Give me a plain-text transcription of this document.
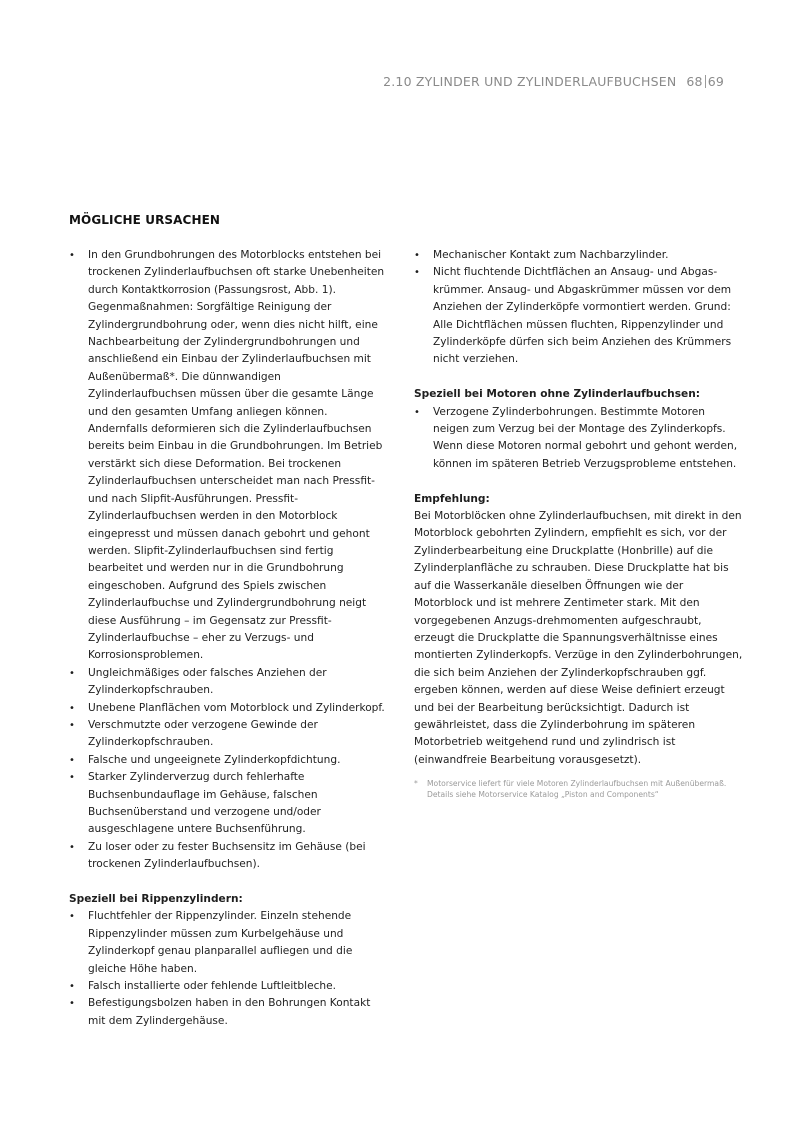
2.10 ZYLINDER UND ZYLINDERLAUFBUCHSEN 68 69
MÖGLICHE URSACHEN
• In den Grundbohrungen des Motorblocks entstehen bei trockenen Zylinderlaufbuchsen oft starke Unebenheiten durch Kontaktkorrosion (Passungsrost, Abb. 1). Gegenmaßnahmen: Sorgfältige Reinigung der Zylindergrundbohrung oder, wenn dies nicht hilft, eine Nachbearbeitung der Zylindergrundbohrungen und anschließend ein Einbau der Zylinderlaufbuchsen mit Außenübermaß*. Die dünnwandigen Zylinderlaufbuchsen müssen über die gesamte Länge und den gesamten Umfang anliegen können. Andernfalls deformieren sich die Zylinderlaufbuchsen bereits beim Einbau in die Grundbohrungen. Im Betrieb verstärkt sich diese Deformation. Bei trockenen Zylinderlaufbuchsen unterscheidet man nach Pressfit- und nach Slipfit-Ausführungen. Pressfit-Zylinderlaufbuchsen werden in den Motorblock eingepresst und müssen danach gebohrt und gehont werden. Slipfit-Zylinderlaufbuchsen sind fertig bearbeitet und werden nur in die Grundbohrung eingeschoben. Aufgrund des Spiels zwischen Zylinderlaufbuchse und Zylindergrundbohrung neigt diese Ausführung – im Gegensatz zur Pressfit-Zylinderlaufbuchse – eher zu Verzugs- und Korrosionsproblemen.
• Ungleichmäßiges oder falsches Anziehen der Zylinderkopfschrauben.
• Unebene Planflächen vom Motorblock und Zylinderkopf.
• Verschmutzte oder verzogene Gewinde der Zylinderkopfschrauben.
• Falsche und ungeeignete Zylinderkopfdichtung.
• Starker Zylinderverzug durch fehlerhafte Buchsenbundauflage im Gehäuse, falschen Buchsenüberstand und verzogene und/oder ausgeschlagene untere Buchsenführung.
• Zu loser oder zu fester Buchsensitz im Gehäuse (bei trockenen Zylinderlaufbuchsen).
Speziell bei Rippenzylindern:
• Fluchtfehler der Rippenzylinder. Einzeln stehende Rippenzylinder müssen zum Kurbelgehäuse und Zylinderkopf genau planparallel aufliegen und die gleiche Höhe haben.
• Falsch installierte oder fehlende Luftleitbleche.
• Befestigungsbolzen haben in den Bohrungen Kontakt mit dem Zylindergehäuse.
• Mechanischer Kontakt zum Nachbarzylinder.
• Nicht fluchtende Dichtflächen an Ansaug- und Abgas-krümmer. Ansaug- und Abgaskrümmer müssen vor dem Anziehen der Zylinderköpfe vormontiert werden. Grund: Alle Dichtflächen müssen fluchten, Rippenzylinder und Zylinderköpfe dürfen sich beim Anziehen des Krümmers nicht verziehen.
Speziell bei Motoren ohne Zylinderlaufbuchsen:
• Verzogene Zylinderbohrungen. Bestimmte Motoren neigen zum Verzug bei der Montage des Zylinderkopfs. Wenn diese Motoren normal gebohrt und gehont werden, können im späteren Betrieb Verzugsprobleme entstehen.
Empfehlung:

Bei Motorblöcken ohne Zylinderlaufbuchsen, mit direkt in den Motorblock gebohrten Zylindern, empfiehlt es sich, vor der Zylinderbearbeitung eine Druckplatte (Honbrille) auf die Zylinderplanfläche zu schrauben. Diese Druckplatte hat bis auf die Wasserkanäle dieselben Öffnungen wie der Motorblock und ist mehrere Zentimeter stark. Mit den vorgegebenen Anzugs-drehmomenten aufgeschraubt, erzeugt die Druckplatte die Spannungsverhältnisse eines montierten Zylinderkopfs. Verzüge in den Zylinderbohrungen, die sich beim Anziehen der Zylinderkopfschrauben ggf. ergeben können, werden auf diese Weise definiert erzeugt und bei der Bearbeitung berücksichtigt. Dadurch ist gewährleistet, dass die Zylinderbohrung im späteren Motorbetrieb weitgehend rund und zylindrisch ist (einwandfreie Bearbeitung vorausgesetzt).

*	Motorservice liefert für viele Motoren Zylinderlaufbuchsen mit Außenübermaß. Details siehe Motorservice Katalog „Piston and Components“
